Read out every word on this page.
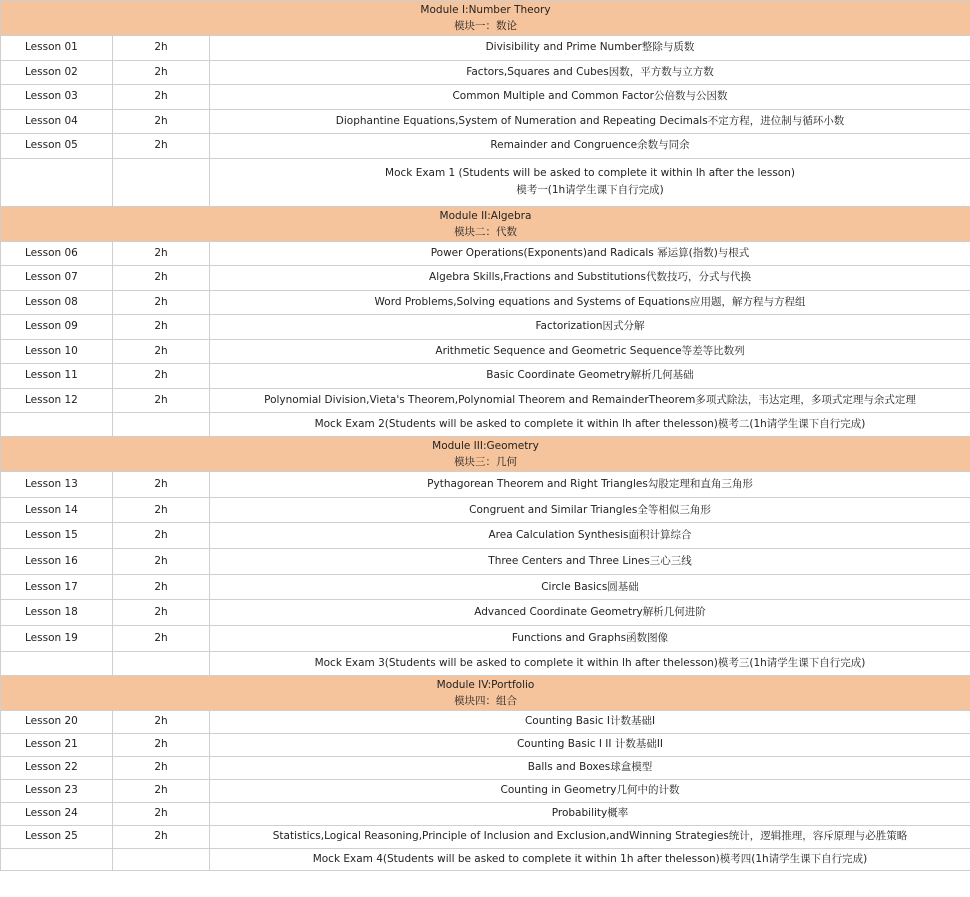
Module I:Number Theory
模块一：数论		

Lesson 01	2h	Divisibility and Prime Number整除与质数
Lesson 02	2h	Factors,Squares and Cubes因数，平方数与立方数
Lesson 03	2h	Common Multiple and Common Factor公倍数与公因数
Lesson 04	2h	Diophantine Equations,System of Numeration and Repeating Decimals不定方程，进位制与循环小数
Lesson 05	2h	Remainder and Congruence余数与同余

		Mock Exam 1 (Students will be asked to complete it within lh after the lesson)
模考一(1h请学生课下自行完成)

Module II:Algebra
模块二：代数		

Lesson 06	2h	Power Operations(Exponents)and Radicals 幂运算(指数)与根式
Lesson 07	2h	Algebra Skills,Fractions and Substitutions代数技巧，分式与代换
Lesson 08	2h	Word Problems,Solving equations and Systems of Equations应用题，解方程与方程组
Lesson 09	2h	Factorization因式分解
Lesson 10	2h	Arithmetic Sequence and Geometric Sequence等差等比数列
Lesson 11	2h	Basic Coordinate Geometry解析几何基础
Lesson 12	2h	Polynomial Division,Vieta's Theorem,Polynomial Theorem and RemainderTheorem多项式除法，韦达定理，多项式定理与余式定理

		Mock Exam 2(Students will be asked to complete it within lh after thelesson)模考二(1h请学生课下自行完成)

Module III:Geometry
模块三：几何		

Lesson 13	2h	Pythagorean Theorem and Right Triangles勾股定理和直角三角形
Lesson 14	2h	Congruent and Similar Triangles全等相似三角形
Lesson 15	2h	Area Calculation Synthesis面积计算综合
Lesson 16	2h	Three Centers and Three Lines三心三线
Lesson 17	2h	Circle Basics圆基础
Lesson 18	2h	Advanced Coordinate Geometry解析几何进阶
Lesson 19	2h	Functions and Graphs函数图像

		Mock Exam 3(Students will be asked to complete it within lh after thelesson)模考三(1h请学生课下自行完成)

Module IV:Portfolio
模块四：组合		

Lesson 20	2h	Counting Basic I计数基础I
Lesson 21	2h	Counting Basic I II 计数基础II
Lesson 22	2h	Balls and Boxes球盒模型
Lesson 23	2h	Counting in Geometry几何中的计数
Lesson 24	2h	Probability概率
Lesson 25	2h	Statistics,Logical Reasoning,Principle of Inclusion and Exclusion,andWinning Strategies统计，逻辑推理，容斥原理与必胜策略

		Mock Exam 4(Students will be asked to complete it within 1h after thelesson)模考四(1h请学生课下自行完成)
